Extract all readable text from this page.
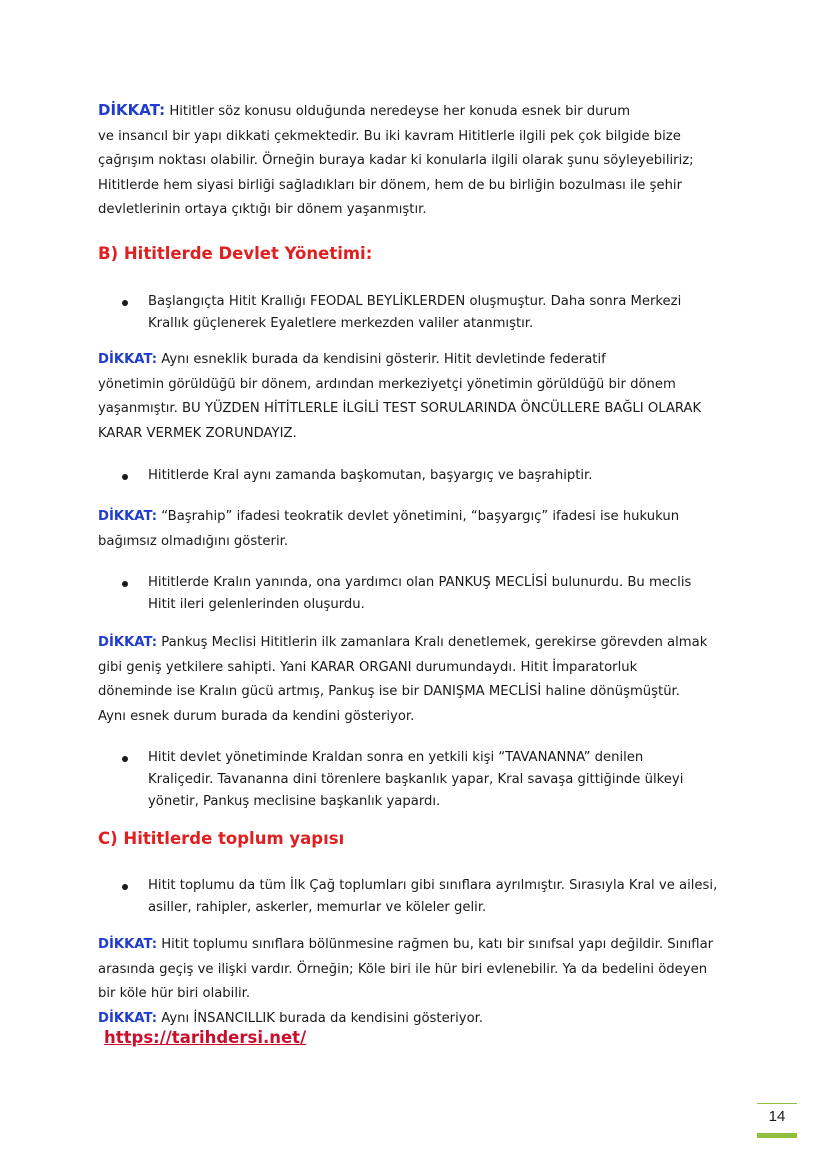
DİKKAT: Hititler söz konusu olduğunda neredeyse her konuda esnek bir durum
ve insancıl bir yapı dikkati çekmektedir. Bu iki kavram Hititlerle ilgili pek çok bilgide bize
çağrışım noktası olabilir. Örneğin buraya kadar ki konularla ilgili olarak şunu söyleyebiliriz;
Hititlerde hem siyasi birliği sağladıkları bir dönem, hem de bu birliğin bozulması ile şehir
devletlerinin ortaya çıktığı bir dönem yaşanmıştır.
B) Hititlerde Devlet Yönetimi:
Başlangıçta Hitit Krallığı FEODAL BEYLİKLERDEN oluşmuştur. Daha sonra Merkezi
Krallık güçlenerek Eyaletlere merkezden valiler atanmıştır.
DİKKAT: Aynı esneklik burada da kendisini gösterir. Hitit devletinde federatif
yönetimin görüldüğü bir dönem, ardından merkeziyetçi yönetimin görüldüğü bir dönem
yaşanmıştır. BU YÜZDEN HİTİTLERLE İLGİLİ TEST SORULARINDA ÖNCÜLLERE BAĞLI OLARAK
KARAR VERMEK ZORUNDAYIZ.
Hititlerde Kral aynı zamanda başkomutan, başyargıç ve başrahiptir.
DİKKAT: “Başrahip” ifadesi teokratik devlet yönetimini, “başyargıç” ifadesi ise hukukun
bağımsız olmadığını gösterir.
Hititlerde Kralın yanında, ona yardımcı olan PANKUŞ MECLİSİ bulunurdu. Bu meclis
Hitit ileri gelenlerinden oluşurdu.
DİKKAT: Pankuş Meclisi Hititlerin ilk zamanlara Kralı denetlemek, gerekirse görevden almak
gibi geniş yetkilere sahipti. Yani KARAR ORGANI durumundaydı. Hitit İmparatorluk
döneminde ise Kralın gücü artmış, Pankuş ise bir DANIŞMA MECLİSİ haline dönüşmüştür.
Aynı esnek durum burada da kendini gösteriyor.
Hitit devlet yönetiminde Kraldan sonra en yetkili kişi “TAVANANNA” denilen
Kraliçedir. Tavananna dini törenlere başkanlık yapar, Kral savaşa gittiğinde ülkeyi
yönetir, Pankuş meclisine başkanlık yapardı.
C) Hititlerde toplum yapısı
Hitit toplumu da tüm İlk Çağ toplumları gibi sınıflara ayrılmıştır. Sırasıyla Kral ve ailesi,
asiller, rahipler, askerler, memurlar ve köleler gelir.
DİKKAT: Hitit toplumu sınıflara bölünmesine rağmen bu, katı bir sınıfsal yapı değildir. Sınıflar
arasında geçiş ve ilişki vardır. Örneğin; Köle biri ile hür biri evlenebilir. Ya da bedelini ödeyen
bir köle hür biri olabilir.
DİKKAT: Aynı İNSANCILLIK burada da kendisini gösteriyor.
https://tarihdersi.net/
14
